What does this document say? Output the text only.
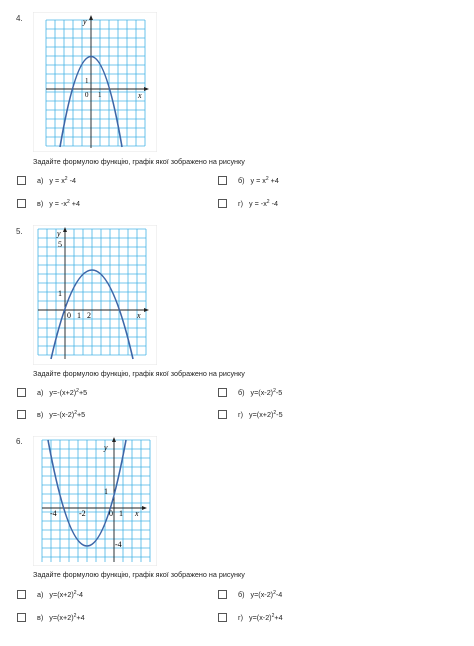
4.	y
x
0 1
1
Задайте формулою функцію, графік якої зображено на рисунку
а) $y = x^2$ -4	б) $y = x^2 +4$
в) $y = -x^2 +4$	г) $y = -x^2$ -4
5.	y
5
1
0 1 2	x
Задайте формулою функцію, графік якої зображено на рисунку
а) $y=-(x+2)^2+5$	б) $y=(x-2)^2-5$
в) $y=-(x-2)^2+5$	г) $y=(x+2)^2-5$
6.
y
1
-4	-2	0 1 x
-4
Задайте формулою функцію, графік якої зображено на рисунку
а) $y=(x+2)^2-4$	б) $y=(x-2)^2-4$
в) $y=(x+2)^2+4$	г) $y=(x-2)^2+4$
